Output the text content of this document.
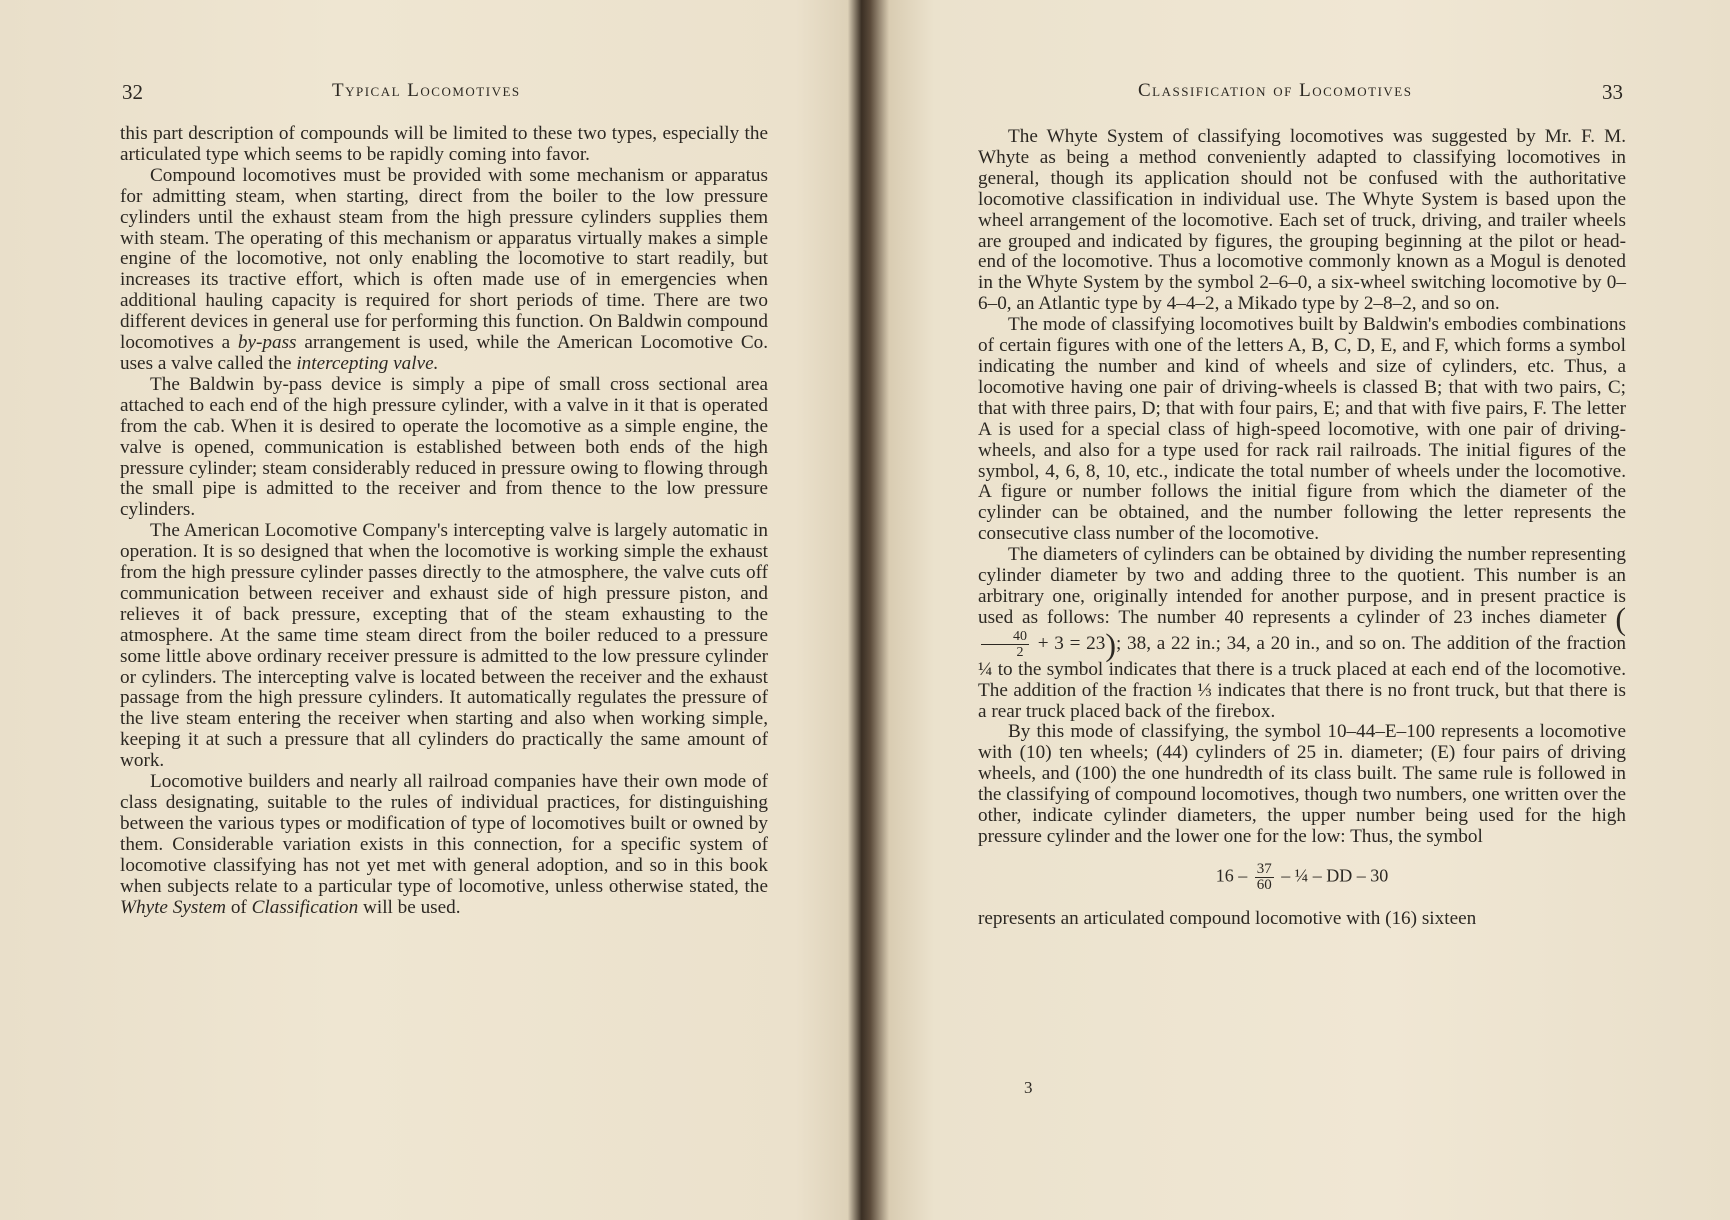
32	Typical Locomotives

this part description of compounds will be limited to these two types, especially the articulated type which seems to be rapidly coming into favor.

Compound locomotives must be provided with some mechanism or apparatus for admitting steam, when starting, direct from the boiler to the low pressure cylinders until the exhaust steam from the high pressure cylinders supplies them with steam. The operating of this mechanism or apparatus virtually makes a simple engine of the locomotive, not only enabling the locomotive to start readily, but increases its tractive effort, which is often made use of in emergencies when additional hauling capacity is required for short periods of time. There are two different devices in general use for performing this function. On Baldwin compound locomotives a by-pass arrangement is used, while the American Locomotive Co. uses a valve called the intercepting valve.

The Baldwin by-pass device is simply a pipe of small cross sectional area attached to each end of the high pressure cylinder, with a valve in it that is operated from the cab. When it is desired to operate the locomotive as a simple engine, the valve is opened, communication is established between both ends of the high pressure cylinder; steam considerably reduced in pressure owing to flowing through the small pipe is admitted to the receiver and from thence to the low pressure cylinders.

The American Locomotive Company's intercepting valve is largely automatic in operation. It is so designed that when the locomotive is working simple the exhaust from the high pressure cylinder passes directly to the atmosphere, the valve cuts off communication between receiver and exhaust side of high pressure piston, and relieves it of back pressure, excepting that of the steam exhausting to the atmosphere. At the same time steam direct from the boiler reduced to a pressure some little above ordinary receiver pressure is admitted to the low pressure cylinder or cylinders. The intercepting valve is located between the receiver and the exhaust passage from the high pressure cylinders. It automatically regulates the pressure of the live steam entering the receiver when starting and also when working simple, keeping it at such a pressure that all cylinders do practically the same amount of work.

Locomotive builders and nearly all railroad companies have their own mode of class designating, suitable to the rules of individual practices, for distinguishing between the various types or modification of type of locomotives built or owned by them. Considerable variation exists in this connection, for a specific system of locomotive classifying has not yet met with general adoption, and so in this book when subjects relate to a particular type of locomotive, unless otherwise stated, the Whyte System of Classification will be used.

Classification of Locomotives	33

The Whyte System of classifying locomotives was suggested by Mr. F. M. Whyte as being a method conveniently adapted to classifying locomotives in general, though its application should not be confused with the authoritative locomotive classification in individual use. The Whyte System is based upon the wheel arrangement of the locomotive. Each set of truck, driving, and trailer wheels are grouped and indicated by figures, the grouping beginning at the pilot or head-end of the locomotive. Thus a locomotive commonly known as a Mogul is denoted in the Whyte System by the symbol 2–6–0, a six-wheel switching locomotive by 0–6–0, an Atlantic type by 4–4–2, a Mikado type by 2–8–2, and so on.

The mode of classifying locomotives built by Baldwin's embodies combinations of certain figures with one of the letters A, B, C, D, E, and F, which forms a symbol indicating the number and kind of wheels and size of cylinders, etc. Thus, a locomotive having one pair of driving-wheels is classed B; that with two pairs, C; that with three pairs, D; that with four pairs, E; and that with five pairs, F. The letter A is used for a special class of high-speed locomotive, with one pair of driving-wheels, and also for a type used for rack rail railroads. The initial figures of the symbol, 4, 6, 8, 10, etc., indicate the total number of wheels under the locomotive. A figure or number follows the initial figure from which the diameter of the cylinder can be obtained, and the number following the letter represents the consecutive class number of the locomotive.

The diameters of cylinders can be obtained by dividing the number representing cylinder diameter by two and adding three to the quotient. This number is an arbitrary one, originally intended for another purpose, and in present practice is used as follows: The number 40 represents a cylinder of 23 inches diameter (
$\frac{40}{2} + 3 = 23$); 38, a 22 in.; 34, a 20 in., and so on. The addition of the fraction ¼ to the symbol indicates that there is a truck placed at each end of the locomotive. The addition of the fraction ⅓ indicates that there is no front truck, but that there is a rear truck placed back of the firebox.

By this mode of classifying, the symbol 10–44–E–100 represents a locomotive with (10) ten wheels; (44) cylinders of 25 in. diameter; (E) four pairs of driving wheels, and (100) the one hundredth of its class built. The same rule is followed in the classifying of compound locomotives, though two numbers, one written over the other, indicate cylinder diameters, the upper number being used for the high pressure cylinder and the lower one for the low: Thus, the symbol

$16 - \frac{37}{60}$ – ¼ – DD – 30

represents an articulated compound locomotive with (16) sixteen

3
